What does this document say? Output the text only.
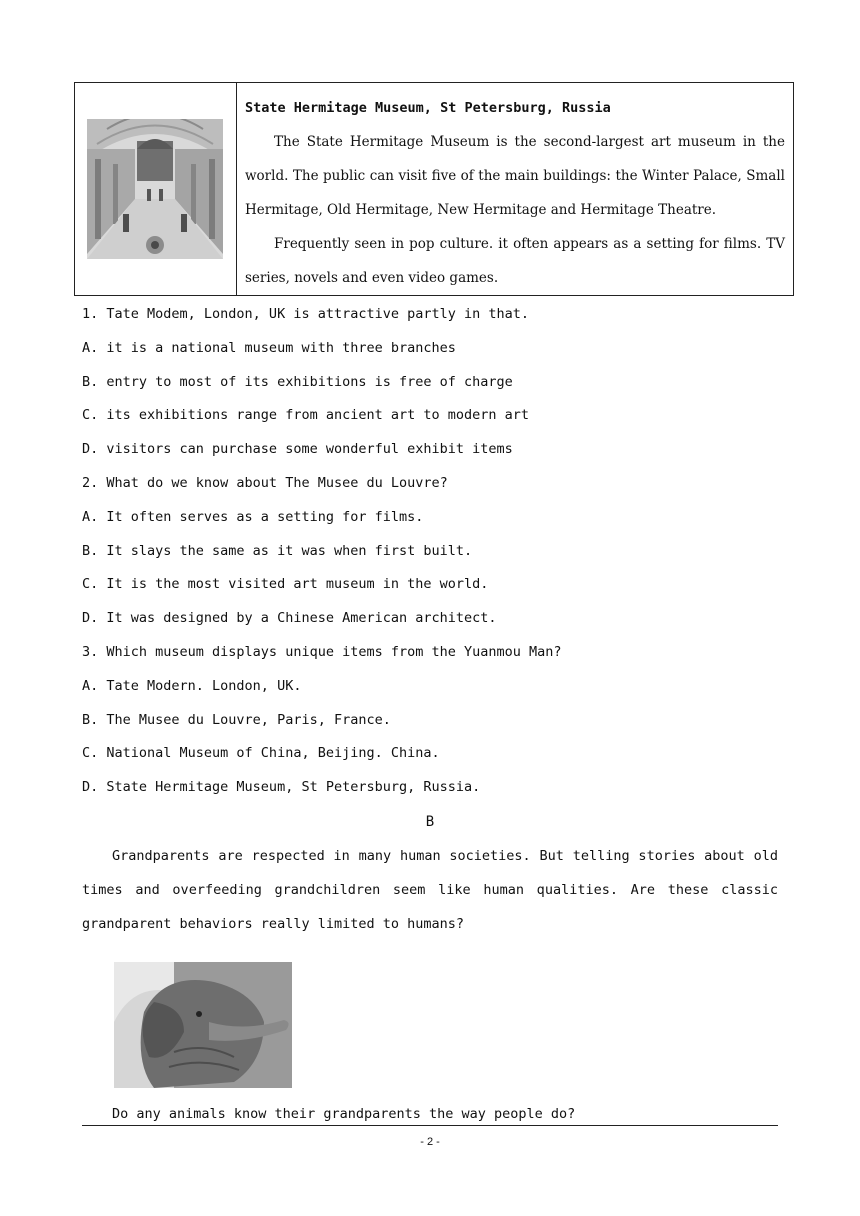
State Hermitage Museum, St Petersburg, Russia
The State Hermitage Museum is the second-largest art museum in the world. The public can visit five of the main buildings: the Winter Palace, Small Hermitage, Old Hermitage, New Hermitage and Hermitage Theatre.
Frequently seen in pop culture. it often appears as a setting for films. TV series, novels and even video games.
1. Tate Modem, London, UK is attractive partly in that.
A. it is a national museum with three branches
B. entry to most of its exhibitions is free of charge
C. its exhibitions range from ancient art to modern art
D. visitors can purchase some wonderful exhibit items
2. What do we know about The Musee du Louvre?
A. It often serves as a setting for films.
B. It slays the same as it was when first built.
C. It is the most visited art museum in the world.
D. It was designed by a Chinese American architect.
3. Which museum displays unique items from the Yuanmou Man?
A. Tate Modern. London, UK.
B. The Musee du Louvre, Paris, France.
C. National Museum of China, Beijing. China.
D. State Hermitage Museum, St Petersburg, Russia.
B
Grandparents are respected in many human societies. But telling stories about old times and overfeeding grandchildren seem like human qualities. Are these classic grandparent behaviors really limited to humans?
Do any animals know their grandparents the way people do?
- 2 -
